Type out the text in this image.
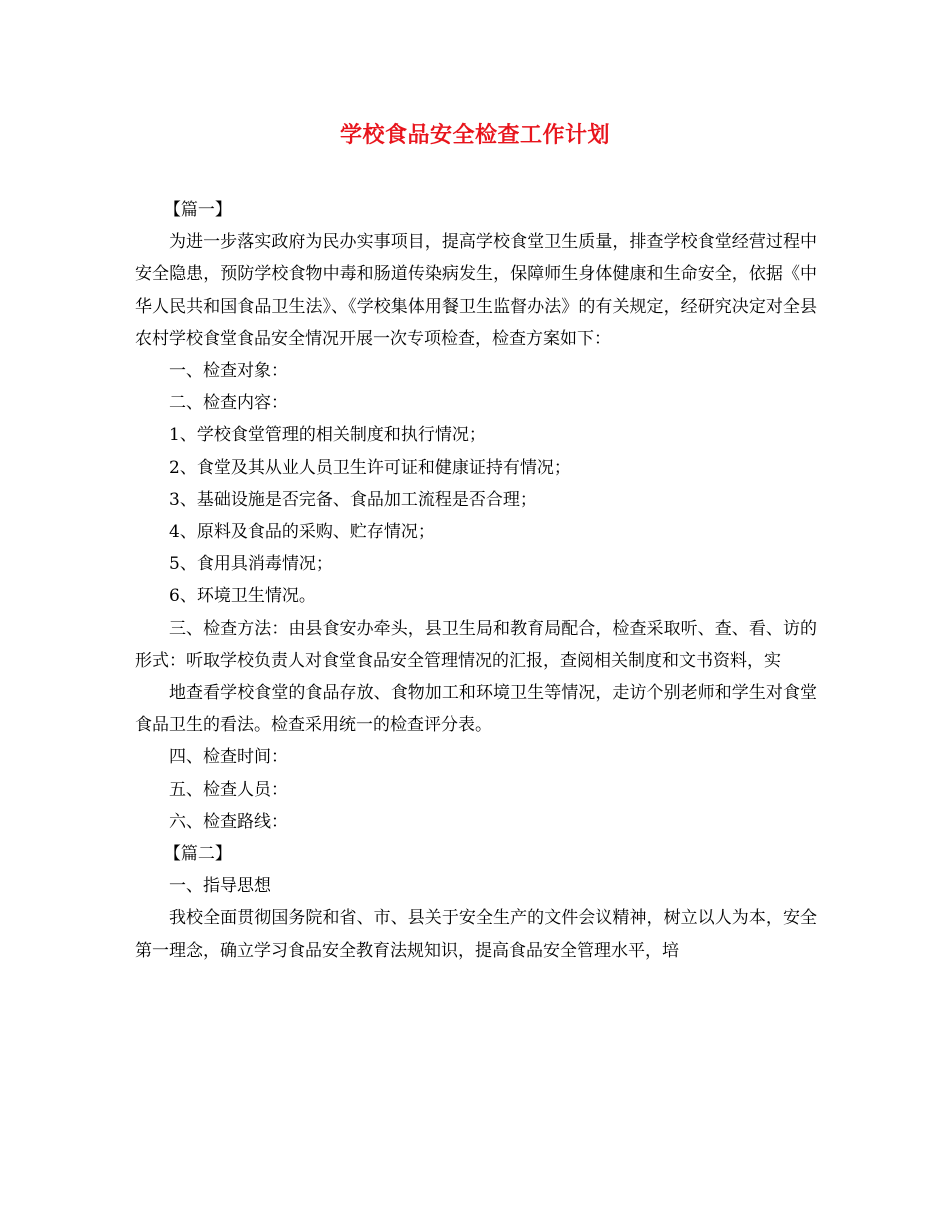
学校食品安全检查工作计划

【篇一】

为进一步落实政府为民办实事项目，提高学校食堂卫生质量，排查学校食堂经营过程中安全隐患，预防学校食物中毒和肠道传染病发生，保障师生身体健康和生命安全，依据《中华人民共和国食品卫生法》、《学校集体用餐卫生监督办法》的有关规定，经研究决定对全县农村学校食堂食品安全情况开展一次专项检查，检查方案如下：

一、检查对象：

二、检查内容：

1、学校食堂管理的相关制度和执行情况；

2、食堂及其从业人员卫生许可证和健康证持有情况；

3、基础设施是否完备、食品加工流程是否合理；

4、原料及食品的采购、贮存情况；

5、食用具消毒情况；

6、环境卫生情况。

三、检查方法：由县食安办牵头，县卫生局和教育局配合，检查采取听、查、看、访的形式：听取学校负责人对食堂食品安全管理情况的汇报，查阅相关制度和文书资料，实

地查看学校食堂的食品存放、食物加工和环境卫生等情况，走访个别老师和学生对食堂食品卫生的看法。检查采用统一的检查评分表。

四、检查时间：

五、检查人员：

六、检查路线：

【篇二】

一、指导思想

我校全面贯彻国务院和省、市、县关于安全生产的文件会议精神，树立以人为本，安全第一理念，确立学习食品安全教育法规知识，提高食品安全管理水平，培
